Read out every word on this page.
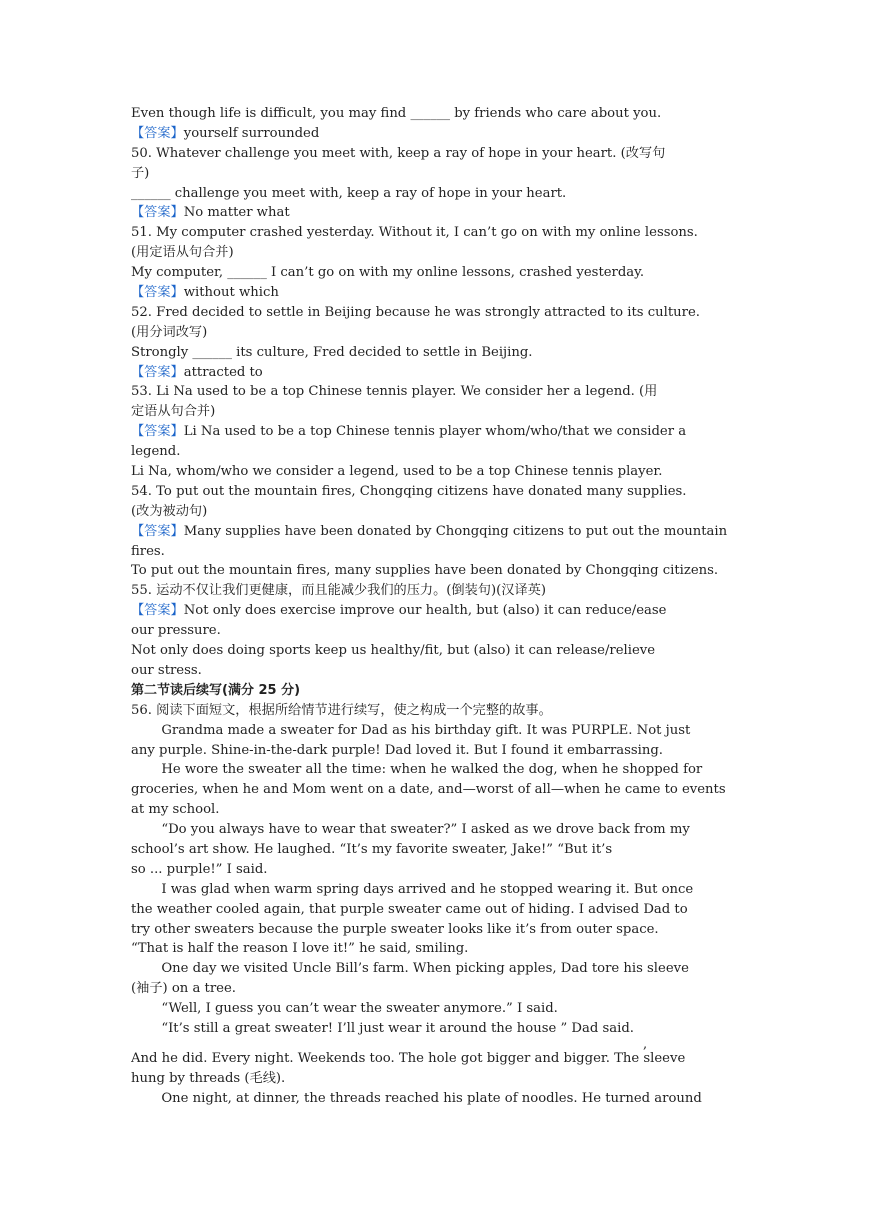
Even though life is difficult, you may find ______ by friends who care about you.
【答案】yourself surrounded
50. Whatever challenge you meet with, keep a ray of hope in your heart. (改写句
子)
______ challenge you meet with, keep a ray of hope in your heart.
【答案】No matter what
51. My computer crashed yesterday. Without it, I can’t go on with my online lessons.
(用定语从句合并)
My computer, ______ I can’t go on with my online lessons, crashed yesterday.
【答案】without which
52. Fred decided to settle in Beijing because he was strongly attracted to its culture.
(用分词改写)
Strongly ______ its culture, Fred decided to settle in Beijing.
【答案】attracted to
53. Li Na used to be a top Chinese tennis player. We consider her a legend. (用
定语从句合并)
【答案】Li Na used to be a top Chinese tennis player whom/who/that we consider a
legend.
Li Na, whom/who we consider a legend, used to be a top Chinese tennis player.
54. To put out the mountain fires, Chongqing citizens have donated many supplies.
(改为被动句)
【答案】Many supplies have been donated by Chongqing citizens to put out the mountain
fires.
To put out the mountain fires, many supplies have been donated by Chongqing citizens.
55. 运动不仅让我们更健康，而且能减少我们的压力。(倒装句)(汉译英)
【答案】Not only does exercise improve our health, but (also) it can reduce/ease
our pressure.
Not only does doing sports keep us healthy/fit, but (also) it can release/relieve
our stress.
第二节读后续写(满分 25 分)
56. 阅读下面短文，根据所给情节进行续写，使之构成一个完整的故事。
Grandma made a sweater for Dad as his birthday gift. It was PURPLE. Not just
any purple. Shine-in-the-dark purple! Dad loved it. But I found it embarrassing.
He wore the sweater all the time: when he walked the dog, when he shopped for
groceries, when he and Mom went on a date, and—worst of all—when he came to events
at my school.
“Do you always have to wear that sweater?” I asked as we drove back from my
school’s art show. He laughed. “It’s my favorite sweater, Jake!” “But it’s
so ... purple!” I said.
I was glad when warm spring days arrived and he stopped wearing it. But once
the weather cooled again, that purple sweater came out of hiding. I advised Dad to
try other sweaters because the purple sweater looks like it’s from outer space.
“That is half the reason I love it!” he said, smiling.
One day we visited Uncle Bill’s farm. When picking apples, Dad tore his sleeve
(袖子) on a tree.
“Well, I guess you can’t wear the sweater anymore.” I said.
“It’s still a great sweater! I’ll just wear it around the house ” Dad said.
And he did. Every night. Weekends too. The hole got bigger and bigger. The sleeve
hung by threads (毛线).
One night, at dinner, the threads reached his plate of noodles. He turned around
,
